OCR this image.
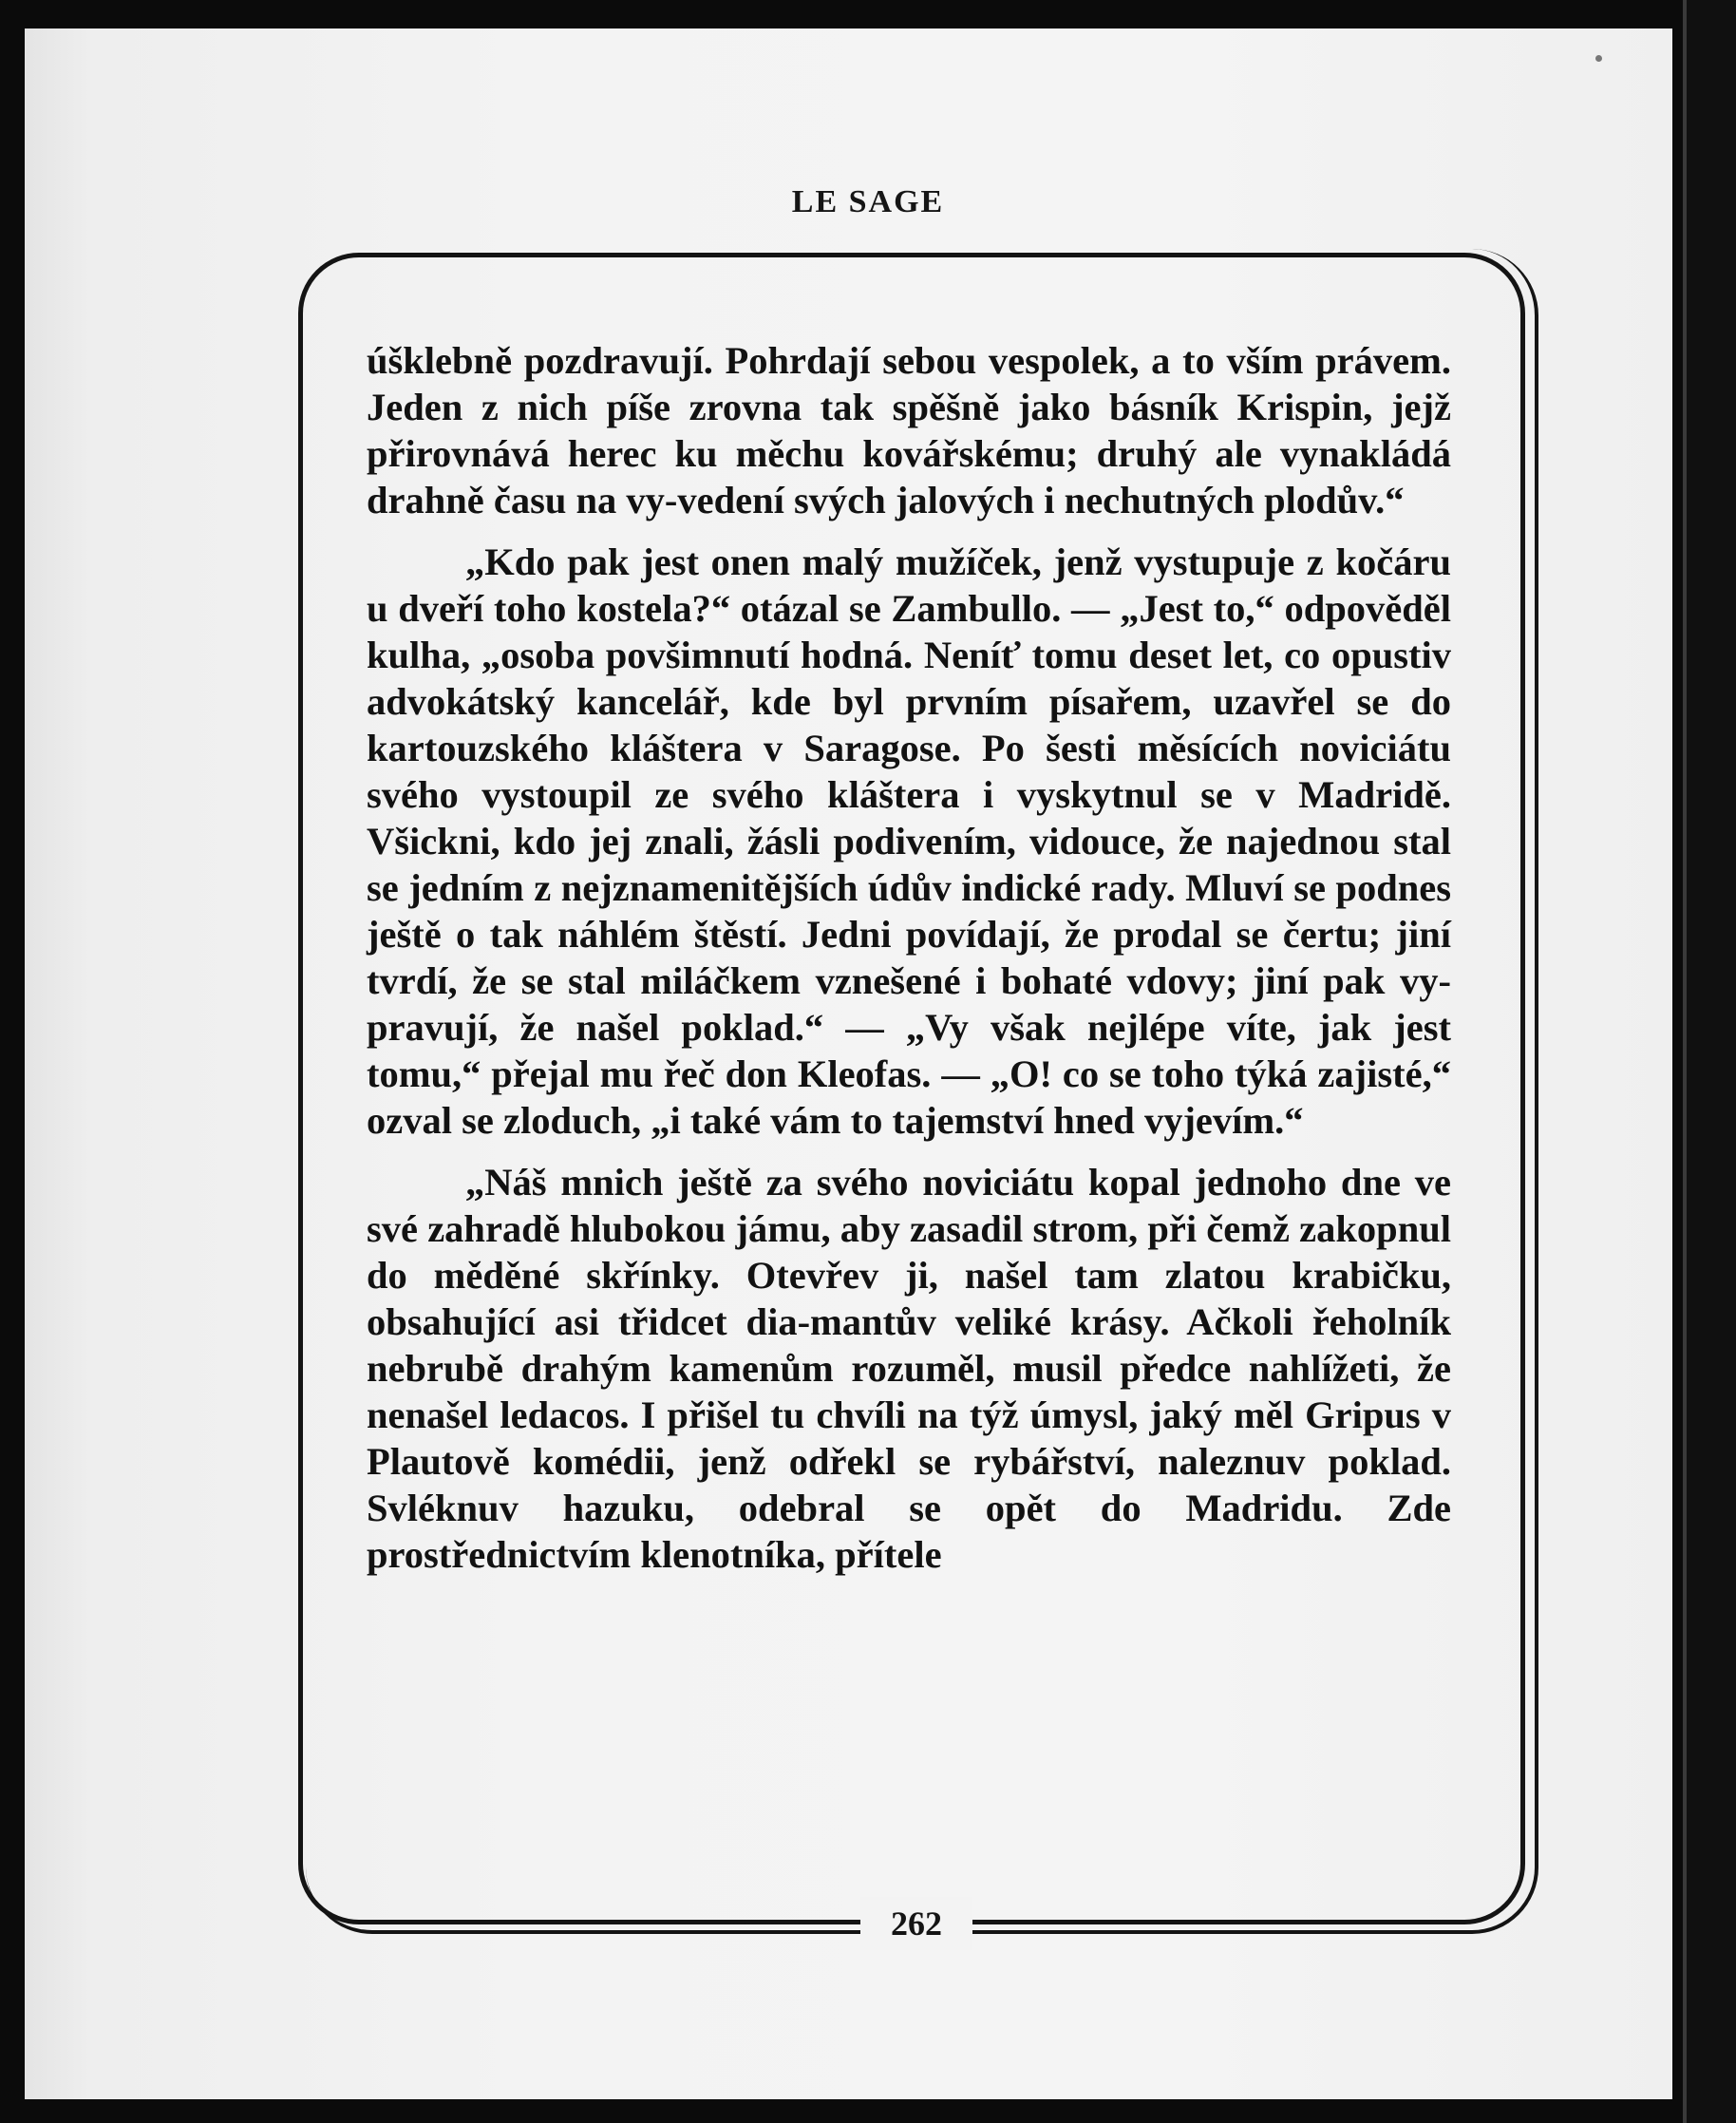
LE SAGE

úšklebně pozdravují. Pohrdají sebou vespolek, a to vším právem. Jeden z nich píše zrovna tak spěšně jako básník Krispin, jejž přirovnává herec ku měchu kovářskému; druhý ale vynakládá drahně času na vy-vedení svých jalových i nechutných plodův.“

„Kdo pak jest onen malý mužíček, jenž vystupuje z kočáru u dveří toho kostela?“ otázal se Zambullo. — „Jest to,“ odpověděl kulha, „osoba povšimnutí hodná. Neníť tomu deset let, co opustiv advokátský kancelář, kde byl prvním písařem, uzavřel se do kartouzského kláštera v Saragose. Po šesti měsících noviciátu svého vystoupil ze svého kláštera i vyskytnul se v Madridě. Všickni, kdo jej znali, žásli podivením, vidouce, že najednou stal se jedním z nejznamenitějších údův indické rady. Mluví se podnes ještě o tak náhlém štěstí. Jedni povídají, že prodal se čertu; jiní tvrdí, že se stal miláčkem vznešené i bohaté vdovy; jiní pak vy-pravují, že našel poklad.“ — „Vy však nejlépe víte, jak jest tomu,“ přejal mu řeč don Kleofas. — „O! co se toho týká zajisté,“ ozval se zloduch, „i také vám to tajemství hned vyjevím.“

„Náš mnich ještě za svého noviciátu kopal jednoho dne ve své zahradě hlubokou jámu, aby zasadil strom, při čemž zakopnul do měděné skřínky. Otevřev ji, našel tam zlatou krabičku, obsahující asi třidcet dia-mantův veliké krásy. Ačkoli řeholník nebrubě drahým kamenům rozuměl, musil předce nahlížeti, že nenašel ledacos. I přišel tu chvíli na týž úmysl, jaký měl Gripus v Plautově komédii, jenž odřekl se rybářství, naleznuv poklad. Svléknuv hazuku, odebral se opět do Madridu. Zde prostřednictvím klenotníka, přítele

262
